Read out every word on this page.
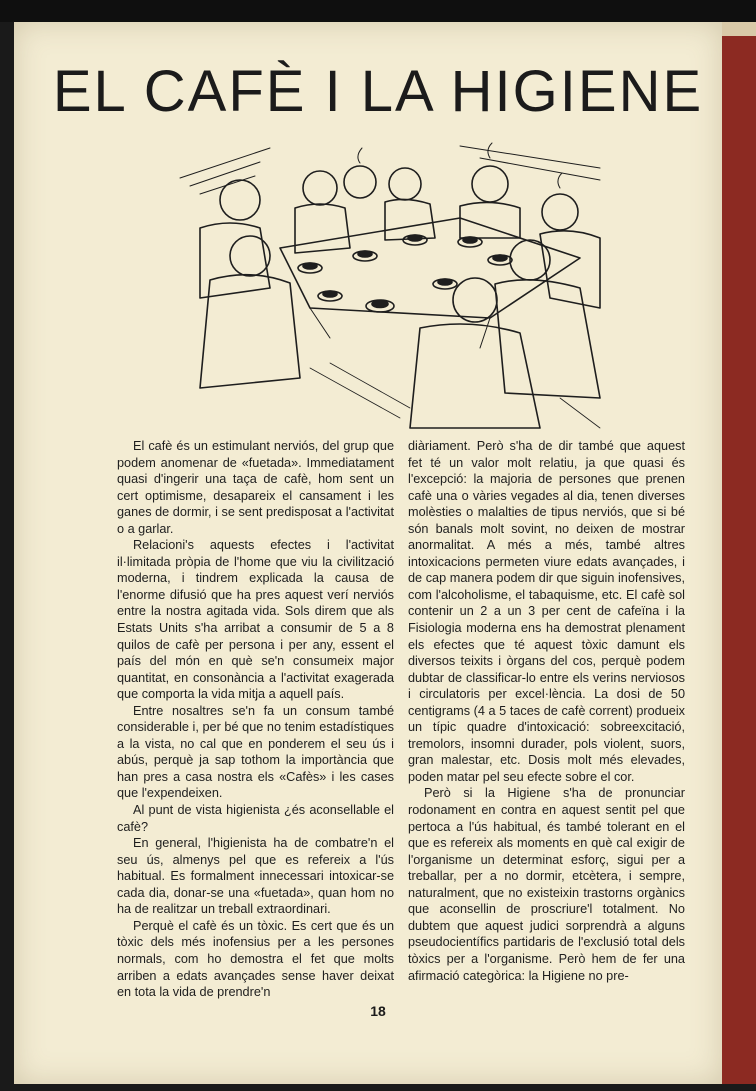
EL CAFÈ I LA HIGIENE

El cafè és un estimulant nerviós, del grup que podem anomenar de «fuetada». Immediatament quasi d'ingerir una taça de cafè, hom sent un cert optimisme, desapareix el cansament i les ganes de dormir, i se sent predisposat a l'activitat o a garlar.

Relacioni's aquests efectes i l'activitat il·limitada pròpia de l'home que viu la civilització moderna, i tindrem explicada la causa de l'enorme difusió que ha pres aquest verí nerviós entre la nostra agitada vida. Sols direm que als Estats Units s'ha arribat a consumir de 5 a 8 quilos de cafè per persona i per any, essent el país del món en què se'n consumeix major quantitat, en consonància a l'activitat exagerada que comporta la vida mitja a aquell país.

Entre nosaltres se'n fa un consum també considerable i, per bé que no tenim estadístiques a la vista, no cal que en ponderem el seu ús i abús, perquè ja sap tothom la importància que han pres a casa nostra els «Cafès» i les cases que l'expendeixen.

Al punt de vista higienista ¿és aconsellable el cafè?

En general, l'higienista ha de combatre'n el seu ús, almenys pel que es refereix a l'ús habitual. Es formalment innecessari intoxicar-se cada dia, donar-se una «fuetada», quan hom no ha de realitzar un treball extraordinari.

Perquè el cafè és un tòxic. Es cert que és un tòxic dels més inofensius per a les persones normals, com ho demostra el fet que molts arriben a edats avançades sense haver deixat en tota la vida de prendre'n

diàriament. Però s'ha de dir també que aquest fet té un valor molt relatiu, ja que quasi és l'excepció: la majoria de persones que prenen cafè una o vàries vegades al dia, tenen diverses molèsties o malalties de tipus nerviós, que si bé són banals molt sovint, no deixen de mostrar anormalitat. A més a més, també altres intoxicacions permeten viure edats avançades, i de cap manera podem dir que siguin inofensives, com l'alcoholisme, el tabaquisme, etc. El cafè sol contenir un 2 a un 3 per cent de cafeïna i la Fisiologia moderna ens ha demostrat plenament els efectes que té aquest tòxic damunt els diversos teixits i òrgans del cos, perquè podem dubtar de classificar-lo entre els verins nerviosos i circulatoris per excel·lència. La dosi de 50 centigrams (4 a 5 taces de cafè corrent) produeix un típic quadre d'intoxicació: sobreexcitació, tremolors, insomni durader, pols violent, suors, gran malestar, etc. Dosis molt més elevades, poden matar pel seu efecte sobre el cor.

Però si la Higiene s'ha de pronunciar rodonament en contra en aquest sentit pel que pertoca a l'ús habitual, és també tolerant en el que es refereix als moments en què cal exigir de l'organisme un determinat esforç, sigui per a treballar, per a no dormir, etcètera, i sempre, naturalment, que no existeixin trastorns orgànics que aconsellin de proscriure'l totalment. No dubtem que aquest judici sorprendrà a alguns pseudocientífics partidaris de l'exclusió total dels tòxics per a l'organisme. Però hem de fer una afirmació categòrica: la Higiene no pre-

18
